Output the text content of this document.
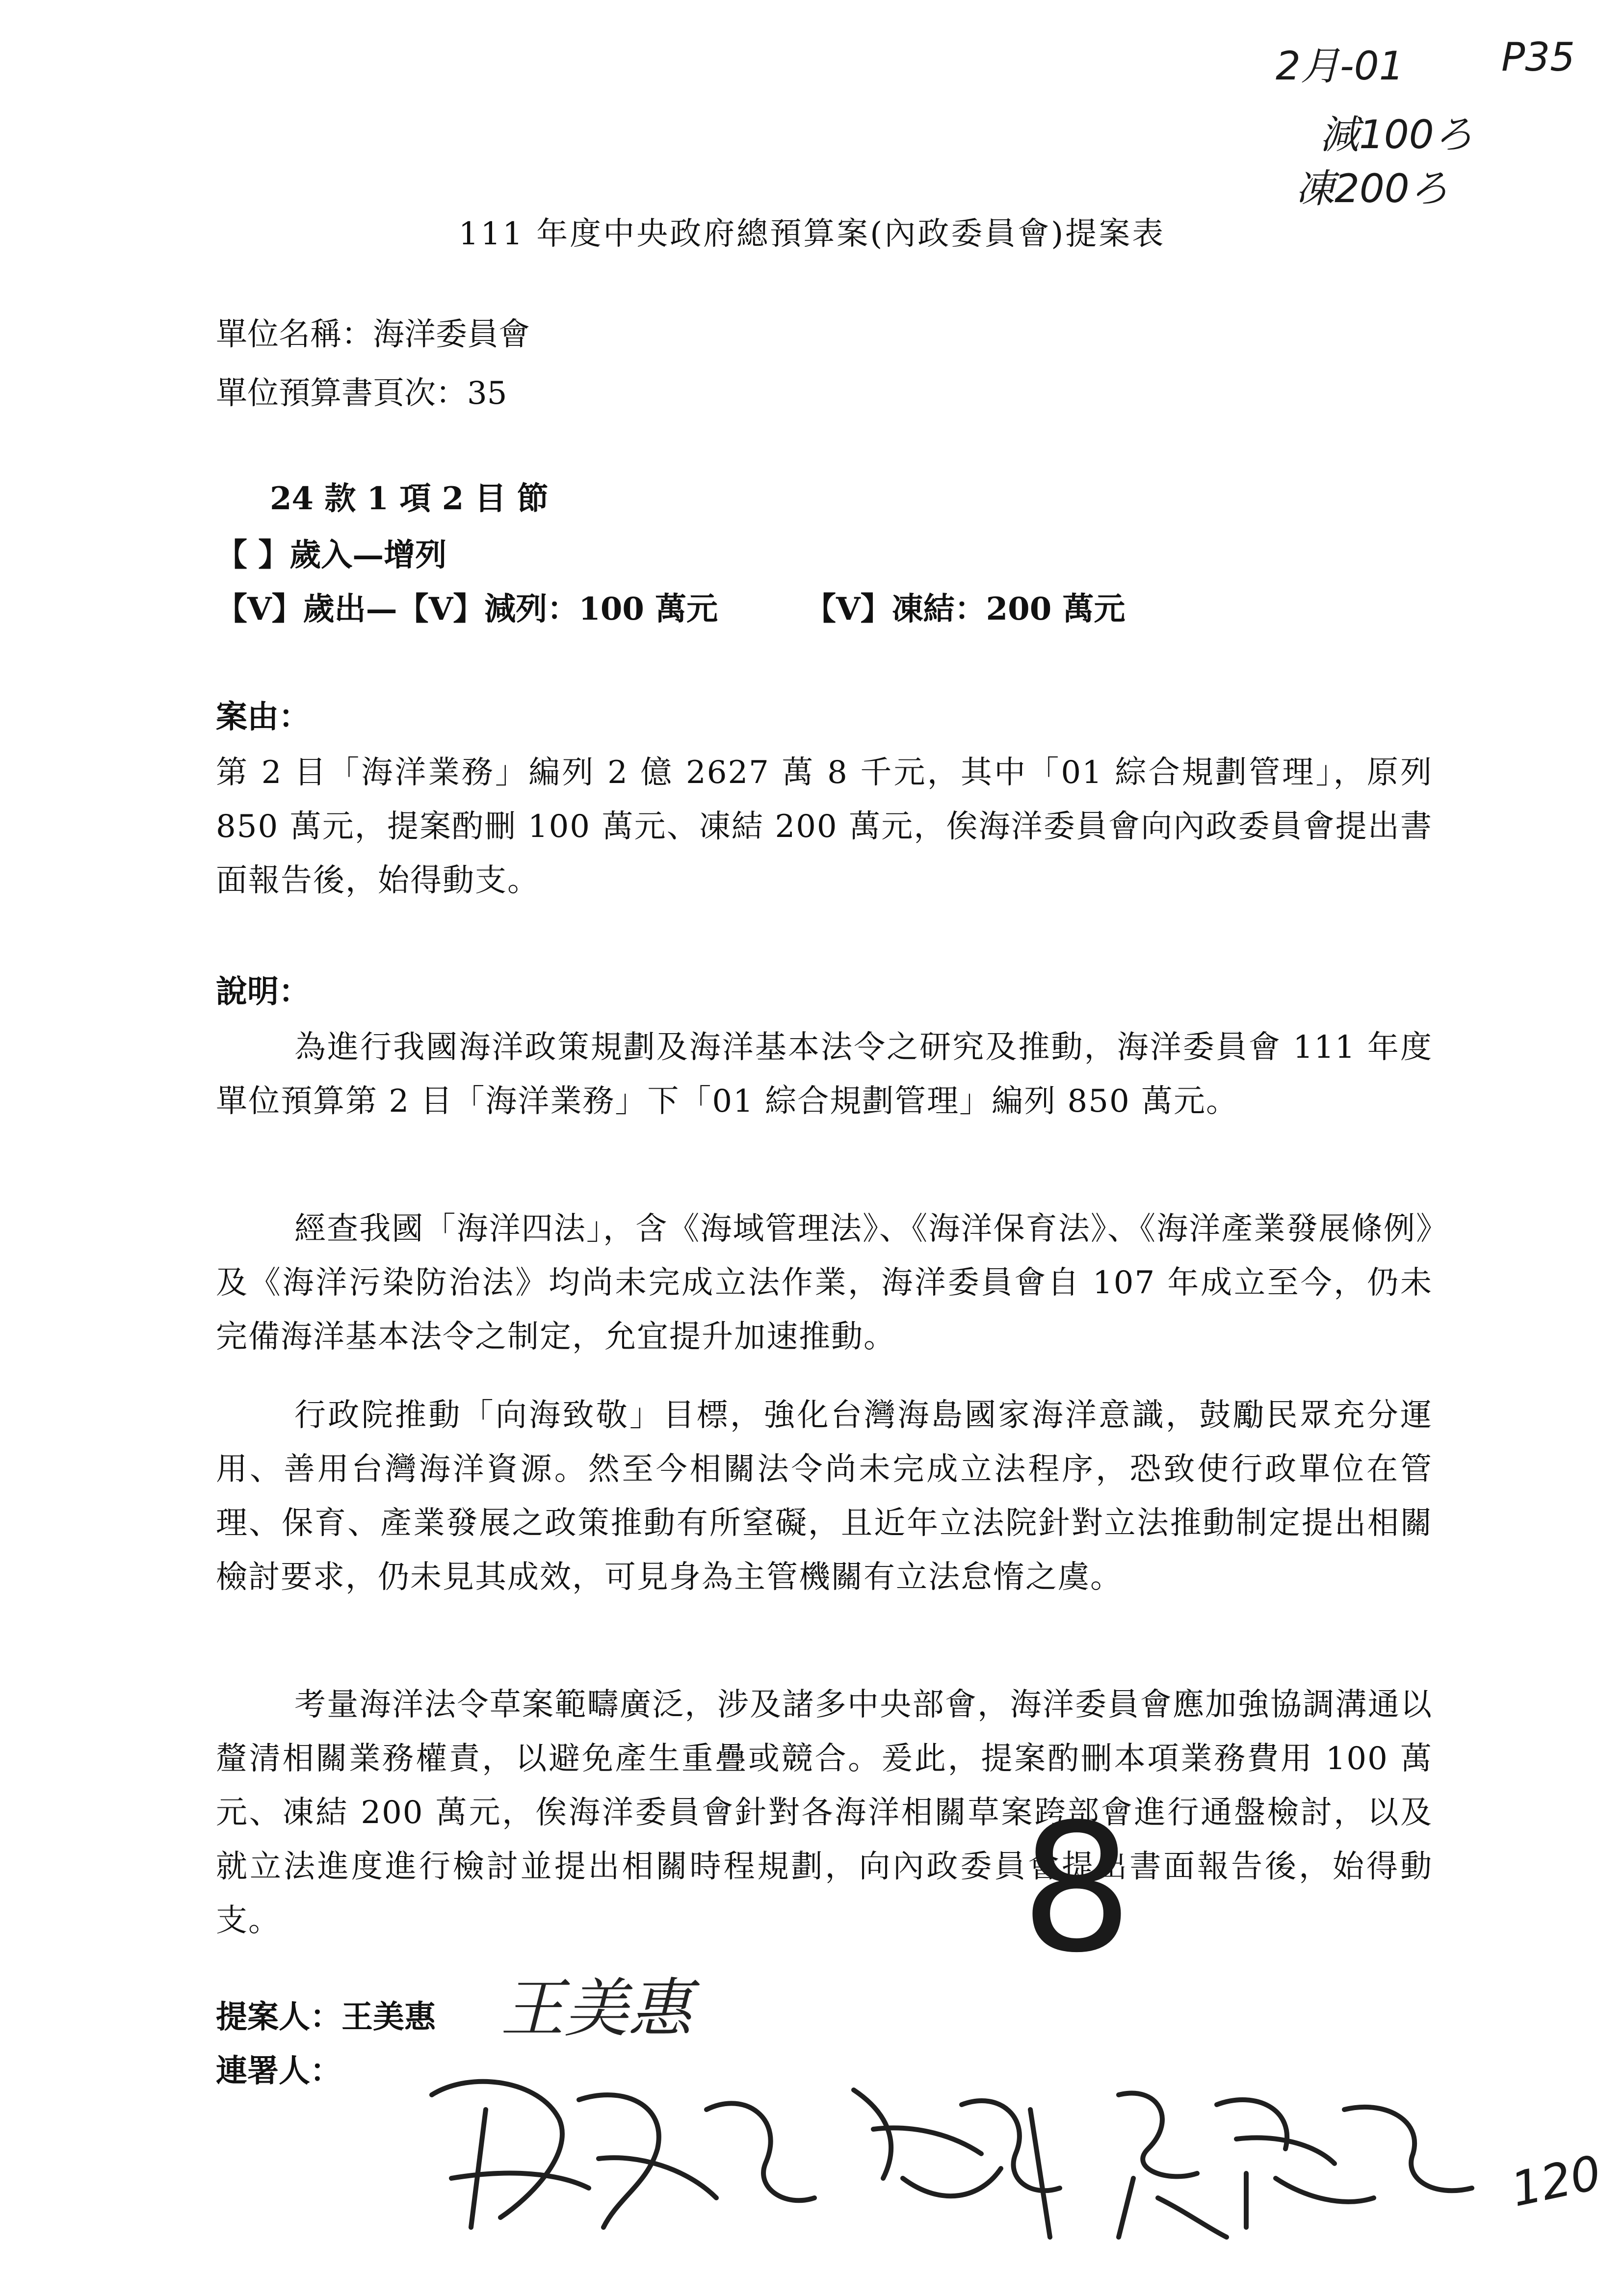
2月-01 P35
減100ろ
凍200ろ
111 年度中央政府總預算案(內政委員會)提案表
單位名稱：海洋委員會
單位預算書頁次：35
24 款 1 項 2 目 節
【 】歲入—增列
【V】歲出—【V】減列：100 萬元	【V】凍結：200 萬元
案由：
第 2 目「海洋業務」編列 2 億 2627 萬 8 千元，其中「01 綜合規劃管理」，原列 850 萬元，提案酌刪 100 萬元、凍結 200 萬元，俟海洋委員會向內政委員會提出書面報告後，始得動支。
說明：
為進行我國海洋政策規劃及海洋基本法令之研究及推動，海洋委員會 111 年度單位預算第 2 目「海洋業務」下「01 綜合規劃管理」編列 850 萬元。
經查我國「海洋四法」，含《海域管理法》、《海洋保育法》、《海洋產業發展條例》及《海洋污染防治法》均尚未完成立法作業，海洋委員會自 107 年成立至今，仍未完備海洋基本法令之制定，允宜提升加速推動。
行政院推動「向海致敬」目標，強化台灣海島國家海洋意識，鼓勵民眾充分運用、善用台灣海洋資源。然至今相關法令尚未完成立法程序，恐致使行政單位在管理、保育、產業發展之政策推動有所窒礙，且近年立法院針對立法推動制定提出相關檢討要求，仍未見其成效，可見身為主管機關有立法怠惰之虞。
考量海洋法令草案範疇廣泛，涉及諸多中央部會，海洋委員會應加強協調溝通以釐清相關業務權責，以避免產生重疊或競合。爰此，提案酌刪本項業務費用 100 萬元、凍結 200 萬元，俟海洋委員會針對各海洋相關草案跨部會進行通盤檢討，以及就立法進度進行檢討並提出相關時程規劃，向內政委員會提出書面報告後，始得動支。	8
提案人：王美惠 王美惠
連署人：
120
